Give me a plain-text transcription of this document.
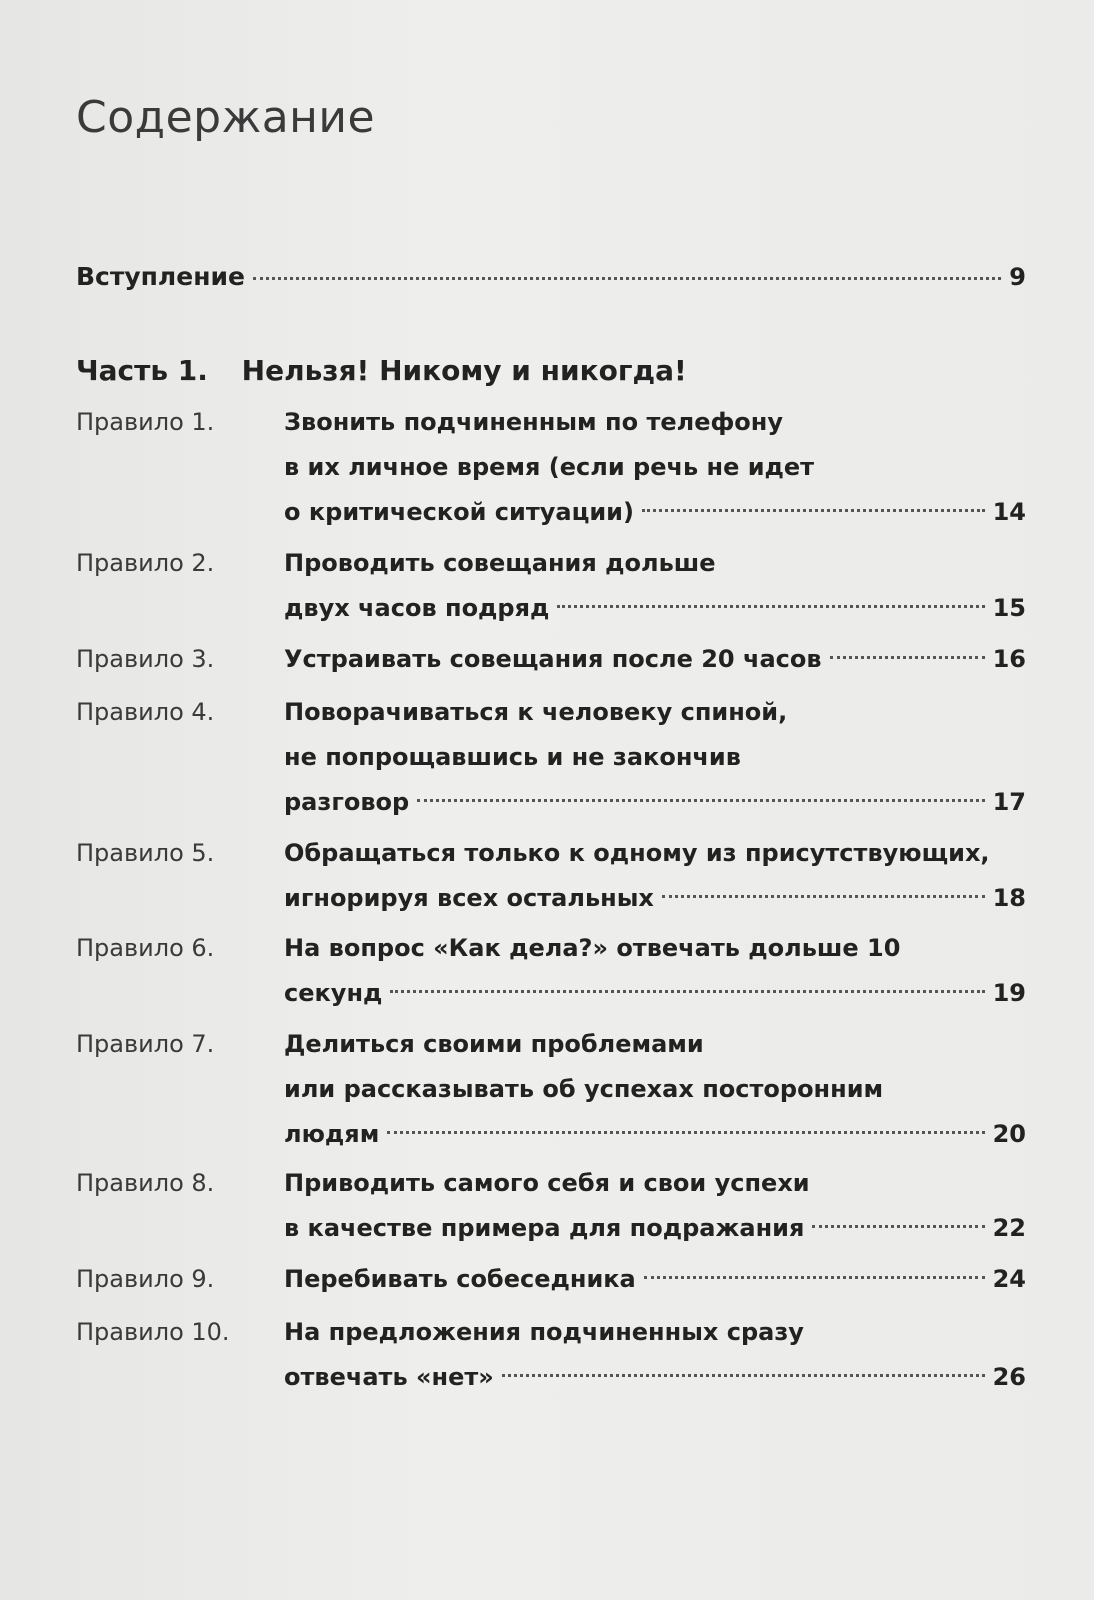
Содержание
Вступление	9
Часть 1. Нельзя! Никому и никогда!
Правило 1.	Звонить подчиненным по телефону
в их личное время (если речь не идет
о критической ситуации)	14
Правило 2.	Проводить совещания дольше
двух часов подряд	15
Правило 3.	Устраивать совещания после 20 часов	16
Правило 4.	Поворачиваться к человеку спиной,
не попрощавшись и не закончив
разговор	17
Правило 5.	Обращаться только к одному из присутствующих,
игнорируя всех остальных	18
Правило 6.	На вопрос «Как дела?» отвечать дольше 10
секунд	19
Правило 7.	Делиться своими проблемами
или рассказывать об успехах посторонним
людям	20
Правило 8.	Приводить самого себя и свои успехи
в качестве примера для подражания	22
Правило 9.	Перебивать собеседника	24
Правило 10.	На предложения подчиненных сразу
отвечать «нет»	26
